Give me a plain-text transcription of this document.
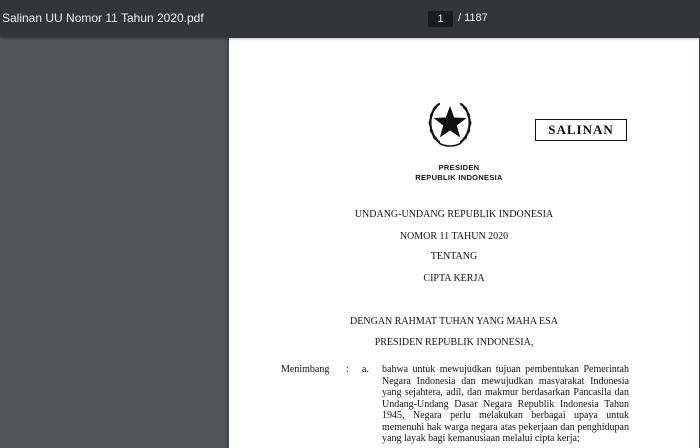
Salinan UU Nomor 11 Tahun 2020.pdf
1	/ 1187
PRESIDEN
REPUBLIK INDONESIA
SALINAN
UNDANG-UNDANG REPUBLIK INDONESIA
NOMOR 11 TAHUN 2020
TENTANG
CIPTA KERJA
DENGAN RAHMAT TUHAN YANG MAHA ESA
PRESIDEN REPUBLIK INDONESIA,
Menimbang : a. bahwa untuk mewujudkan tujuan pembentukan Pemerintah Negara Indonesia dan mewujudkan masyarakat Indonesia yang sejahtera, adil, dan makmur berdasarkan Pancasila dan Undang-Undang Dasar Negara Republik Indonesia Tahun 1945, Negara perlu melakukan berbagai upaya untuk memenuhi hak warga negara atas pekerjaan dan penghidupan yang layak bagi kemanusiaan melalui cipta kerja;
